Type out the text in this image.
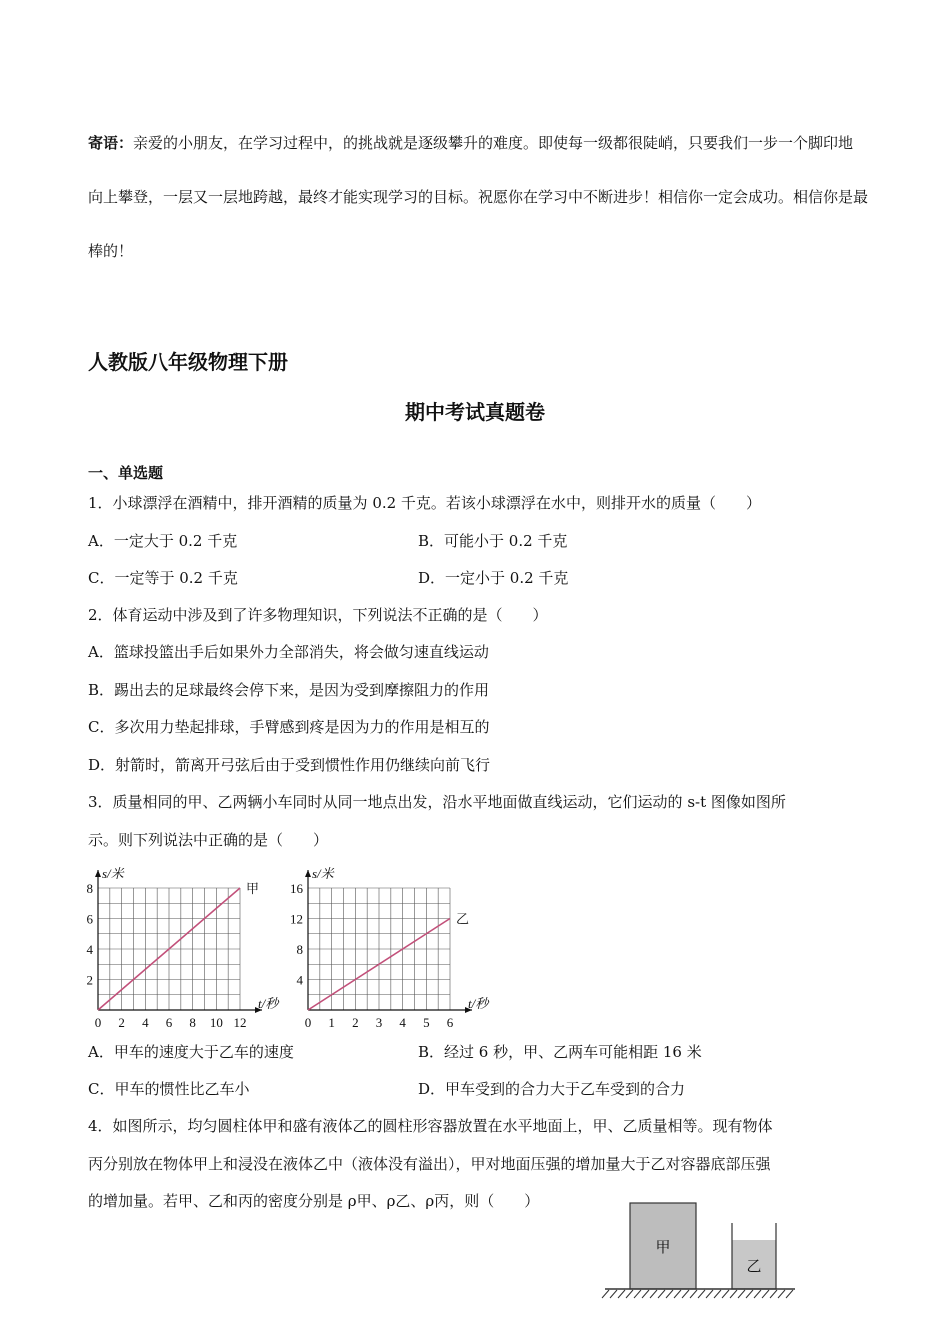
寄语：亲爱的小朋友，在学习过程中，的挑战就是逐级攀升的难度。即使每一级都很陡峭，只要我们一步一个脚印地向上攀登，一层又一层地跨越，最终才能实现学习的目标。祝愿你在学习中不断进步！相信你一定会成功。相信你是最棒的！
人教版八年级物理下册
期中考试真题卷
一、单选题
1．小球漂浮在酒精中，排开酒精的质量为 0.2 千克。若该小球漂浮在水中，则排开水的质量（　　）
A．一定大于 0.2 千克	B．可能小于 0.2 千克
C．一定等于 0.2 千克	D．一定小于 0.2 千克
2．体育运动中涉及到了许多物理知识，下列说法不正确的是（　　）
A．篮球投篮出手后如果外力全部消失，将会做匀速直线运动
B．踢出去的足球最终会停下来，是因为受到摩擦阻力的作用
C．多次用力垫起排球，手臂感到疼是因为力的作用是相互的
D．射箭时，箭离开弓弦后由于受到惯性作用仍继续向前飞行
3．质量相同的甲、乙两辆小车同时从同一地点出发，沿水平地面做直线运动，它们运动的 s-t 图像如图所
示。则下列说法中正确的是（　　）
0 2 4 6 8 10 12
2
4
6
8
s/米
t/秒
甲
0 1 2 3 4 5 6
4
8
12
16
s/米
t/秒
乙
A．甲车的速度大于乙车的速度	B．经过 6 秒，甲、乙两车可能相距 16 米
C．甲车的惯性比乙车小	D．甲车受到的合力大于乙车受到的合力
4．如图所示，均匀圆柱体甲和盛有液体乙的圆柱形容器放置在水平地面上，甲、乙质量相等。现有物体
丙分别放在物体甲上和浸没在液体乙中（液体没有溢出），甲对地面压强的增加量大于乙对容器底部压强
的增加量。若甲、乙和丙的密度分别是 ρ甲、ρ乙、ρ丙，则（　　）
甲
乙
